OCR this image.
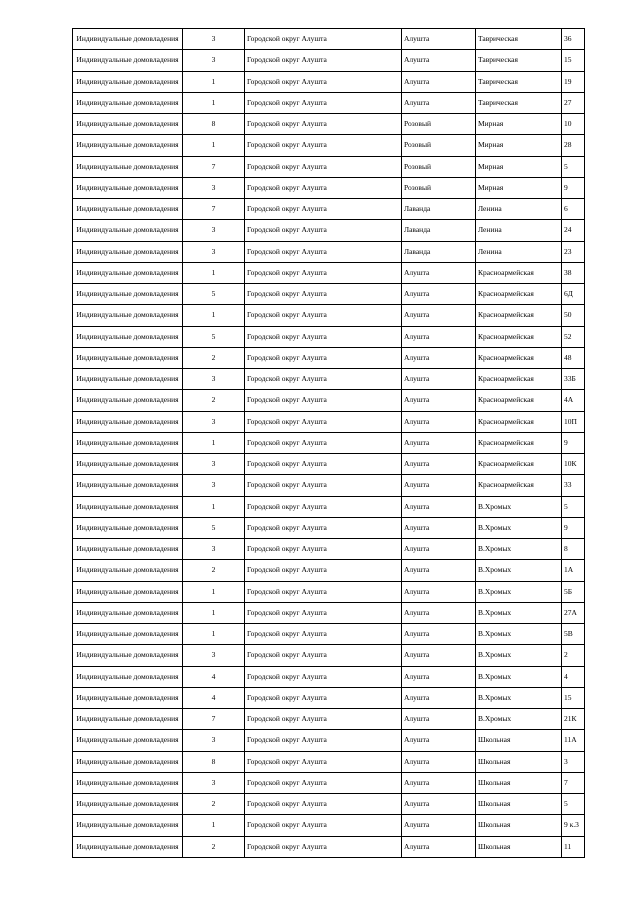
Индивидуальные домовладения	3	Городской округ Алушта	Алушта	Таврическая	36
Индивидуальные домовладения	3	Городской округ Алушта	Алушта	Таврическая	15
Индивидуальные домовладения	1	Городской округ Алушта	Алушта	Таврическая	19
Индивидуальные домовладения	1	Городской округ Алушта	Алушта	Таврическая	27
Индивидуальные домовладения	8	Городской округ Алушта	Розовый	Мирная	10
Индивидуальные домовладения	1	Городской округ Алушта	Розовый	Мирная	28
Индивидуальные домовладения	7	Городской округ Алушта	Розовый	Мирная	5
Индивидуальные домовладения	3	Городской округ Алушта	Розовый	Мирная	9
Индивидуальные домовладения	7	Городской округ Алушта	Лаванда	Ленина	6
Индивидуальные домовладения	3	Городской округ Алушта	Лаванда	Ленина	24
Индивидуальные домовладения	3	Городской округ Алушта	Лаванда	Ленина	23
Индивидуальные домовладения	1	Городской округ Алушта	Алушта	Красноармейская	38
Индивидуальные домовладения	5	Городской округ Алушта	Алушта	Красноармейская	6Д
Индивидуальные домовладения	1	Городской округ Алушта	Алушта	Красноармейская	50
Индивидуальные домовладения	5	Городской округ Алушта	Алушта	Красноармейская	52
Индивидуальные домовладения	2	Городской округ Алушта	Алушта	Красноармейская	48
Индивидуальные домовладения	3	Городской округ Алушта	Алушта	Красноармейская	33Б
Индивидуальные домовладения	2	Городской округ Алушта	Алушта	Красноармейская	4А
Индивидуальные домовладения	3	Городской округ Алушта	Алушта	Красноармейская	10П
Индивидуальные домовладения	1	Городской округ Алушта	Алушта	Красноармейская	9
Индивидуальные домовладения	3	Городской округ Алушта	Алушта	Красноармейская	10К
Индивидуальные домовладения	3	Городской округ Алушта	Алушта	Красноармейская	33
Индивидуальные домовладения	1	Городской округ Алушта	Алушта	В.Хромых	5
Индивидуальные домовладения	5	Городской округ Алушта	Алушта	В.Хромых	9
Индивидуальные домовладения	3	Городской округ Алушта	Алушта	В.Хромых	8
Индивидуальные домовладения	2	Городской округ Алушта	Алушта	В.Хромых	1А
Индивидуальные домовладения	1	Городской округ Алушта	Алушта	В.Хромых	5Б
Индивидуальные домовладения	1	Городской округ Алушта	Алушта	В.Хромых	27А
Индивидуальные домовладения	1	Городской округ Алушта	Алушта	В.Хромых	5В
Индивидуальные домовладения	3	Городской округ Алушта	Алушта	В.Хромых	2
Индивидуальные домовладения	4	Городской округ Алушта	Алушта	В.Хромых	4
Индивидуальные домовладения	4	Городской округ Алушта	Алушта	В.Хромых	15
Индивидуальные домовладения	7	Городской округ Алушта	Алушта	В.Хромых	21К
Индивидуальные домовладения	3	Городской округ Алушта	Алушта	Школьная	11А
Индивидуальные домовладения	8	Городской округ Алушта	Алушта	Школьная	3
Индивидуальные домовладения	3	Городской округ Алушта	Алушта	Школьная	7
Индивидуальные домовладения	2	Городской округ Алушта	Алушта	Школьная	5
Индивидуальные домовладения	1	Городской округ Алушта	Алушта	Школьная	9 к.3
Индивидуальные домовладения	2	Городской округ Алушта	Алушта	Школьная	11
